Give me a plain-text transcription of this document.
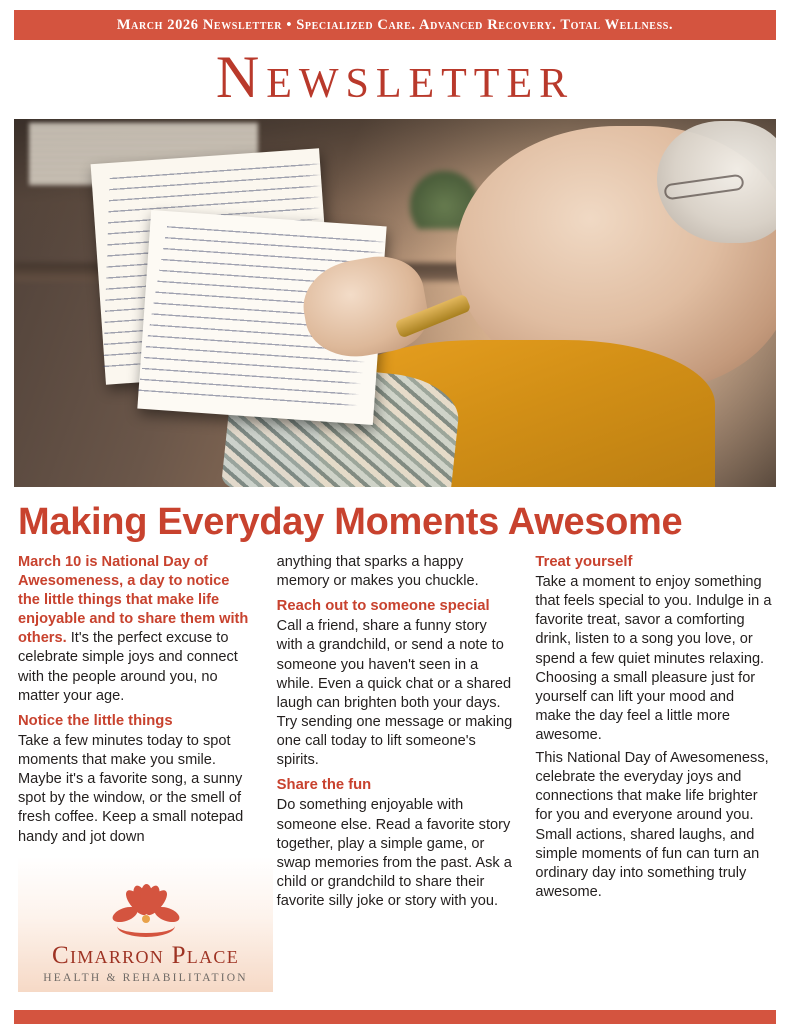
March 2026 Newsletter • Specialized Care. Advanced Recovery. Total Wellness.
Newsletter
Making Everyday Moments Awesome

March 10 is National Day of Awesomeness, a day to notice the little things that make life enjoyable and to share them with others. It's the perfect excuse to celebrate simple joys and connect with the people around you, no matter your age.

Notice the little things

Take a few minutes today to spot moments that make you smile. Maybe it's a favorite song, a sunny spot by the window, or the smell of fresh coffee. Keep a small notepad handy and jot down

anything that sparks a happy memory or makes you chuckle.

Reach out to someone special

Call a friend, share a funny story with a grandchild, or send a note to someone you haven't seen in a while. Even a quick chat or a shared laugh can brighten both your days. Try sending one message or making one call today to lift someone's spirits.

Share the fun

Do something enjoyable with someone else. Read a favorite story together, play a simple game, or swap memories from the past. Ask a child or grandchild to share their favorite silly joke or story with you.

Treat yourself

Take a moment to enjoy something that feels special to you. Indulge in a favorite treat, savor a comforting drink, listen to a song you love, or spend a few quiet minutes relaxing. Choosing a small pleasure just for yourself can lift your mood and make the day feel a little more awesome.

This National Day of Awesomeness, celebrate the everyday joys and connections that make life brighter for you and everyone around you. Small actions, shared laughs, and simple moments of fun can turn an ordinary day into something truly awesome.

Cimarron Place
HEALTH & REHABILITATION
